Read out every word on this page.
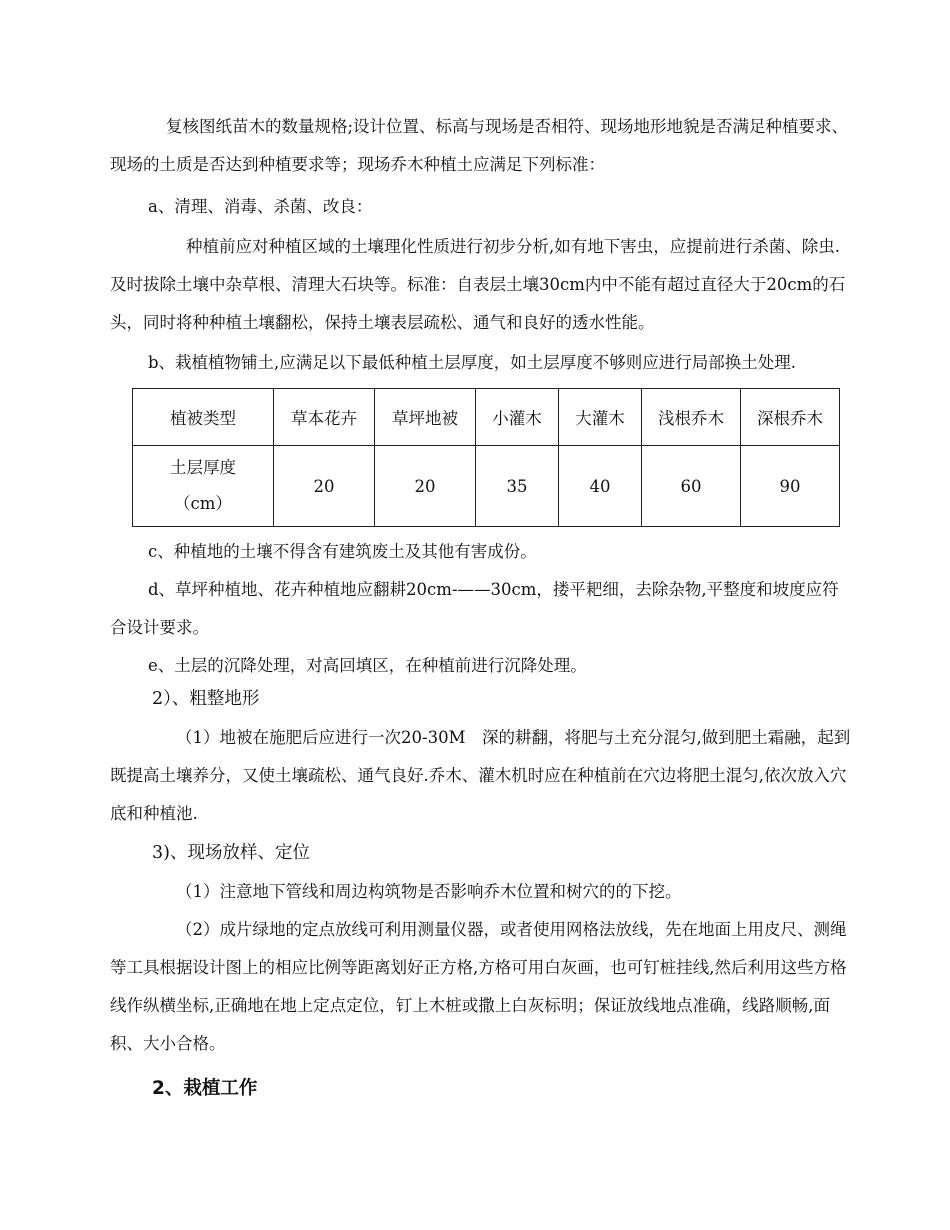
复核图纸苗木的数量规格;设计位置、标高与现场是否相符、现场地形地貌是否满足种植要求、现场的土质是否达到种植要求等；现场乔木种植土应满足下列标准：

a、清理、消毒、杀菌、改良：

种植前应对种植区域的土壤理化性质进行初步分析,如有地下害虫，应提前进行杀菌、除虫.及时拔除土壤中杂草根、清理大石块等。标准：自表层土壤30cm内中不能有超过直径大于20cm的石头，同时将种种植土壤翻松，保持土壤表层疏松、通气和良好的透水性能。

b、栽植植物铺土,应满足以下最低种植土层厚度，如土层厚度不够则应进行局部换土处理.

植被类型	草本花卉	草坪地被	小灌木	大灌木	浅根乔木	深根乔木

土层厚度
（cm）	20	20	35	40	60	90

c、种植地的土壤不得含有建筑废土及其他有害成份。

d、草坪种植地、花卉种植地应翻耕20cm-——30cm，搂平耙细，去除杂物,平整度和坡度应符合设计要求。

e、土层的沉降处理，对高回填区，在种植前进行沉降处理。

2）、粗整地形

（1）地被在施肥后应进行一次20-30M　深的耕翻，将肥与土充分混匀,做到肥土霜融，起到既提高土壤养分，又使土壤疏松、通气良好.乔木、灌木机时应在种植前在穴边将肥土混匀,依次放入穴底和种植池.

3)、现场放样、定位

（1）注意地下管线和周边构筑物是否影响乔木位置和树穴的的下挖。

（2）成片绿地的定点放线可利用测量仪器，或者使用网格法放线，先在地面上用皮尺、测绳等工具根据设计图上的相应比例等距离划好正方格,方格可用白灰画，也可钉桩挂线,然后利用这些方格线作纵横坐标,正确地在地上定点定位，钉上木桩或撒上白灰标明；保证放线地点准确，线路顺畅,面积、大小合格。

2、栽植工作
